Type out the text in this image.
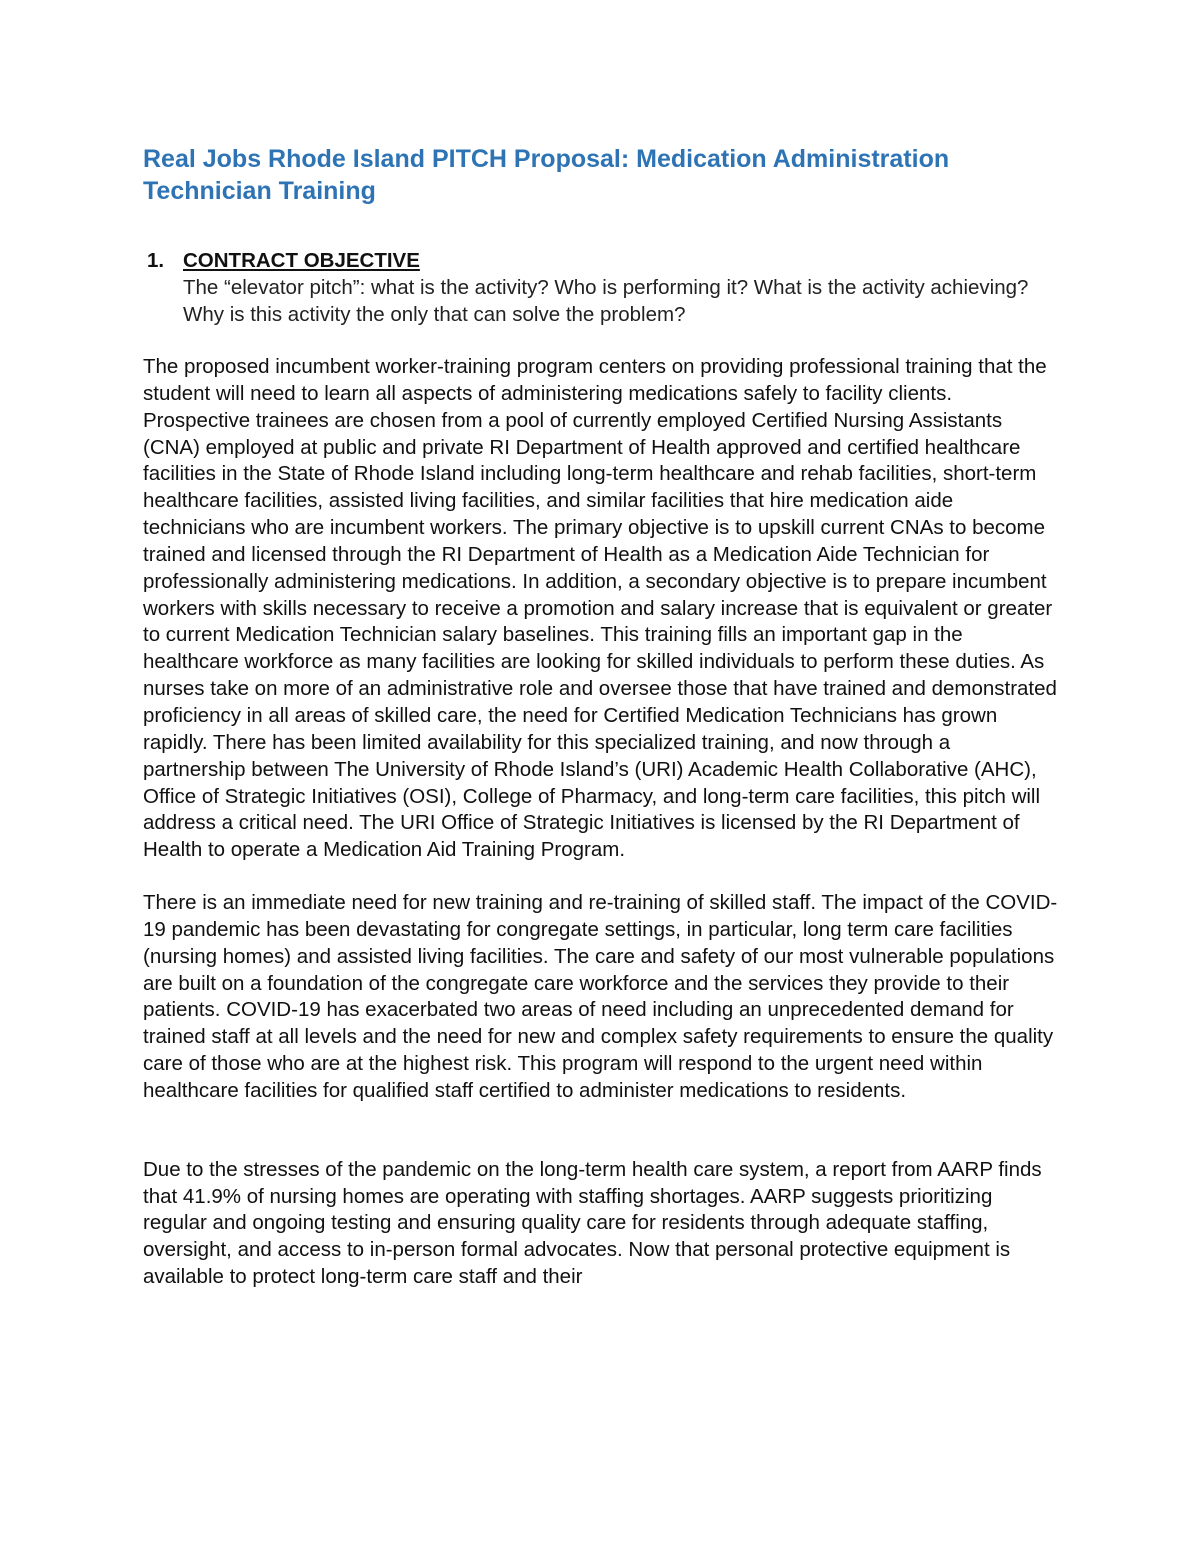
Real Jobs Rhode Island PITCH Proposal: Medication Administration Technician Training
1. CONTRACT OBJECTIVE

The “elevator pitch”: what is the activity? Who is performing it? What is the activity achieving? Why is this activity the only that can solve the problem?

The proposed incumbent worker-training program centers on providing professional training that the student will need to learn all aspects of administering medications safely to facility clients. Prospective trainees are chosen from a pool of currently employed Certified Nursing Assistants (CNA) employed at public and private RI Department of Health approved and certified healthcare facilities in the State of Rhode Island including long-term healthcare and rehab facilities, short-term healthcare facilities, assisted living facilities, and similar facilities that hire medication aide technicians who are incumbent workers. The primary objective is to upskill current CNAs to become trained and licensed through the RI Department of Health as a Medication Aide Technician for professionally administering medications. In addition, a secondary objective is to prepare incumbent workers with skills necessary to receive a promotion and salary increase that is equivalent or greater to current Medication Technician salary baselines. This training fills an important gap in the healthcare workforce as many facilities are looking for skilled individuals to perform these duties. As nurses take on more of an administrative role and oversee those that have trained and demonstrated proficiency in all areas of skilled care, the need for Certified Medication Technicians has grown rapidly. There has been limited availability for this specialized training, and now through a partnership between The University of Rhode Island’s (URI) Academic Health Collaborative (AHC), Office of Strategic Initiatives (OSI), College of Pharmacy, and long-term care facilities, this pitch will address a critical need. The URI Office of Strategic Initiatives is licensed by the RI Department of Health to operate a Medication Aid Training Program.

There is an immediate need for new training and re-training of skilled staff. The impact of the COVID-19 pandemic has been devastating for congregate settings, in particular, long term care facilities (nursing homes) and assisted living facilities. The care and safety of our most vulnerable populations are built on a foundation of the congregate care workforce and the services they provide to their patients. COVID-19 has exacerbated two areas of need including an unprecedented demand for trained staff at all levels and the need for new and complex safety requirements to ensure the quality care of those who are at the highest risk. This program will respond to the urgent need within healthcare facilities for qualified staff certified to administer medications to residents.

Due to the stresses of the pandemic on the long-term health care system, a report from AARP finds that 41.9% of nursing homes are operating with staffing shortages. AARP suggests prioritizing regular and ongoing testing and ensuring quality care for residents through adequate staffing, oversight, and access to in-person formal advocates. Now that personal protective equipment is available to protect long-term care staff and their
